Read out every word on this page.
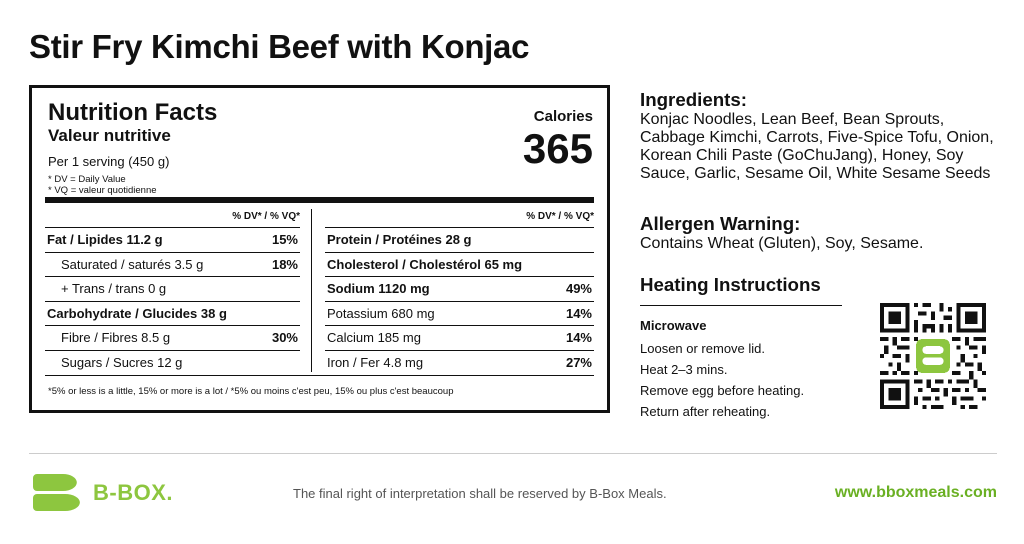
Stir Fry Kimchi Beef with Konjac
Nutrition Facts
Valeur nutritive
Per 1 serving (450 g)
* DV = Daily Value
* VQ = valeur quotidienne
Calories
365
% DV* / % VQ*
Fat / Lipides 11.2 g	15%
Saturated / saturés 3.5 g	18%
+ Trans / trans 0 g
Carbohydrate / Glucides 38 g
Fibre / Fibres 8.5 g	30%
Sugars / Sucres 12 g
% DV* / % VQ*
Protein / Protéines 28 g
Cholesterol / Cholestérol 65 mg
Sodium 1120 mg	49%
Potassium 680 mg	14%
Calcium 185 mg	14%
Iron / Fer 4.8 mg	27%
*5% or less is a little, 15% or more is a lot / *5% ou moins c'est peu, 15% ou plus c'est beaucoup
Ingredients:

Konjac Noodles, Lean Beef, Bean Sprouts, Cabbage Kimchi, Carrots, Five-Spice Tofu, Onion, Korean Chili Paste (GoChuJang), Honey, Soy Sauce, Garlic, Sesame Oil, White Sesame Seeds

Allergen Warning:

Contains Wheat (Gluten), Soy, Sesame.

Heating Instructions
Microwave
Loosen or remove lid.
Heat 2–3 mins.
Remove egg before heating.
Return after reheating.
B-BOX.	The final right of interpretation shall be reserved by B-Box Meals.	www.bboxmeals.com
